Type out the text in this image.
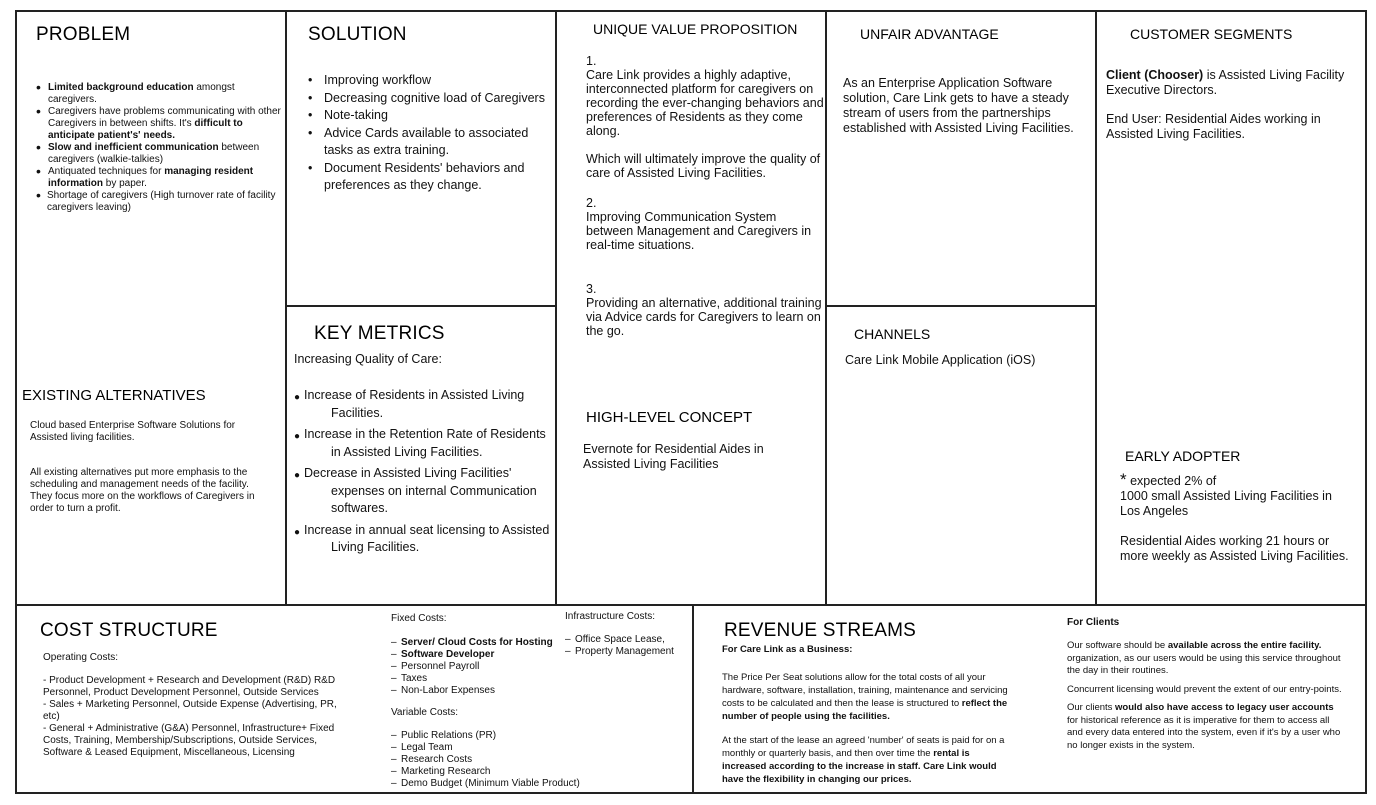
PROBLEM
• Limited background education amongst caregivers.
• Caregivers have problems communicating with other Caregivers in between shifts. It's difficult to anticipate patient's' needs.
• Slow and inefficient communication between caregivers (walkie-talkies)
• Antiquated techniques for managing resident information by paper.
• Shortage of caregivers (High turnover rate of facility caregivers leaving)
EXISTING ALTERNATIVES
Cloud based Enterprise Software Solutions for Assisted living facilities.
All existing alternatives put more emphasis to the scheduling and management needs of the facility. They focus more on the workflows of Caregivers in order to turn a profit.
SOLUTION
• Improving workflow
• Decreasing cognitive load of Caregivers
• Note-taking
• Advice Cards available to associated tasks as extra training.
• Document Residents' behaviors and preferences as they change.
KEY METRICS
Increasing Quality of Care:
● Increase of Residents in Assisted Living
Facilities.
● Increase in the Retention Rate of Residents
in Assisted Living Facilities.
● Decrease in Assisted Living Facilities'
expenses on internal Communication softwares.
● Increase in annual seat licensing to Assisted
Living Facilities.
UNIQUE VALUE PROPOSITION

1.

Care Link provides a highly adaptive, interconnected platform for caregivers on recording the ever-changing behaviors and preferences of Residents as they come along.

Which will ultimately improve the quality of care of Assisted Living Facilities.

2.

Improving Communication System between Management and Caregivers in real-time situations.

3.

Providing an alternative, additional training via Advice cards for Caregivers to learn on the go.

HIGH-LEVEL CONCEPT
Evernote for Residential Aides in Assisted Living Facilities
UNFAIR ADVANTAGE
As an Enterprise Application Software solution, Care Link gets to have a steady stream of users from the partnerships established with Assisted Living Facilities.
CHANNELS
Care Link Mobile Application (iOS)
CUSTOMER SEGMENTS
Client (Chooser) is Assisted Living Facility Executive Directors.
End User: Residential Aides working in Assisted Living Facilities.
EARLY ADOPTER

* expected 2% of

1000 small Assisted Living Facilities in Los Angeles

Residential Aides working 21 hours or more weekly as Assisted Living Facilities.

COST STRUCTURE
Operating Costs:

- Product Development + Research and Development (R&D) R&D Personnel, Product Development Personnel, Outside Services

- Sales + Marketing Personnel, Outside Expense (Advertising, PR, etc)

- General + Administrative (G&A) Personnel, Infrastructure+ Fixed Costs, Training, Membership/Subscriptions, Outside Services, Software & Leased Equipment, Miscellaneous, Licensing

Fixed Costs:
– Server/ Cloud Costs for Hosting
– Software Developer
– Personnel Payroll
– Taxes
– Non-Labor Expenses
Variable Costs:
– Public Relations (PR)
– Legal Team
– Research Costs
– Marketing Research
– Demo Budget (Minimum Viable Product)
Infrastructure Costs:
– Office Space Lease,
– Property Management
REVENUE STREAMS
For Care Link as a Business:
The Price Per Seat solutions allow for the total costs of all your hardware, software, installation, training, maintenance and servicing costs to be calculated and then the lease is structured to reflect the number of people using the facilities.
At the start of the lease an agreed 'number' of seats is paid for on a monthly or quarterly basis, and then over time the rental is increased according to the increase in staff. Care Link would have the flexibility in changing our prices.
For Clients

Our software should be available across the entire facility. organization, as our users would be using this service throughout the day in their routines.

Concurrent licensing would prevent the extent of our entry-points.

Our clients would also have access to legacy user accounts for historical reference as it is imperative for them to access all and every data entered into the system, even if it's by a user who no longer exists in the system.
